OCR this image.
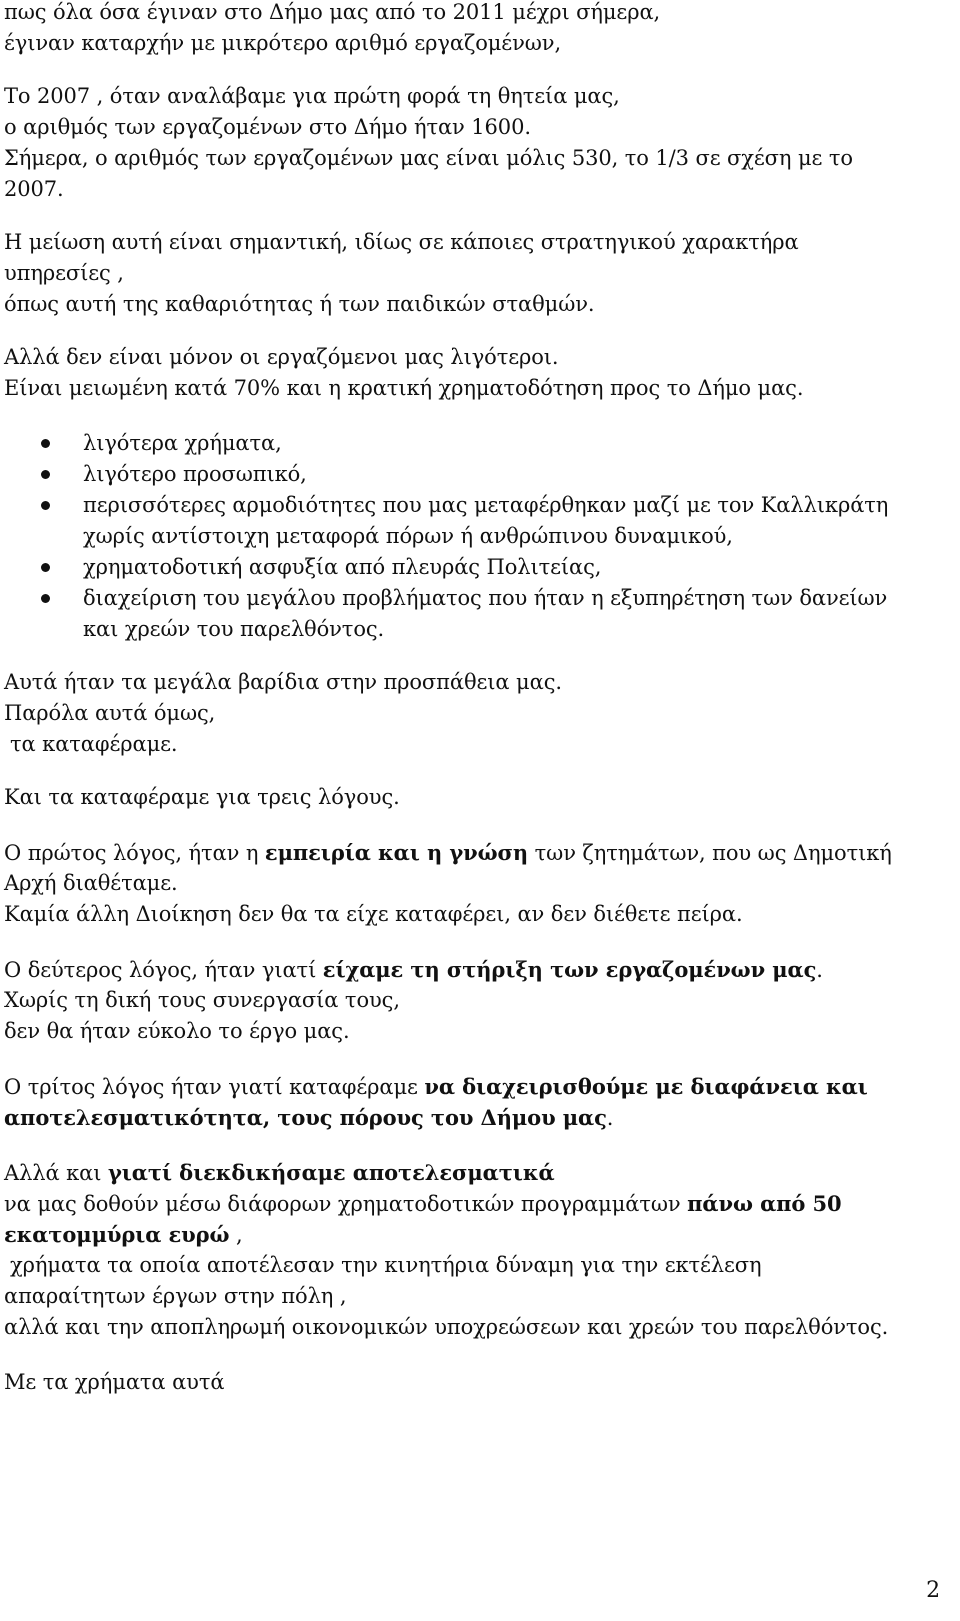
πως όλα όσα έγιναν στο Δήμο μας από το 2011 μέχρι σήμερα,
έγιναν καταρχήν με μικρότερο αριθμό εργαζομένων,
Το 2007 , όταν αναλάβαμε για πρώτη φορά τη θητεία μας,
ο αριθμός των εργαζομένων στο Δήμο ήταν 1600.
Σήμερα, ο αριθμός των εργαζομένων μας είναι μόλις 530, το 1/3 σε σχέση με το
2007.
Η μείωση αυτή είναι σημαντική, ιδίως σε κάποιες στρατηγικού χαρακτήρα
υπηρεσίες ,
όπως αυτή της καθαριότητας ή των παιδικών σταθμών.
Αλλά δεν είναι μόνον οι εργαζόμενοι μας λιγότεροι.
Είναι μειωμένη κατά 70% και η κρατική χρηματοδότηση προς το Δήμο μας.
λιγότερα χρήματα,
λιγότερο προσωπικό,
περισσότερες αρμοδιότητες που μας μεταφέρθηκαν μαζί με τον Καλλικράτη
χωρίς αντίστοιχη μεταφορά πόρων ή ανθρώπινου δυναμικού,
χρηματοδοτική ασφυξία από πλευράς Πολιτείας,
διαχείριση του μεγάλου προβλήματος που ήταν η εξυπηρέτηση των δανείων
και χρεών του παρελθόντος.
Αυτά ήταν τα μεγάλα βαρίδια στην προσπάθεια μας.
Παρόλα αυτά όμως,
τα καταφέραμε.
Και τα καταφέραμε για τρεις λόγους.
Ο πρώτος λόγος, ήταν η εμπειρία και η γνώση των ζητημάτων, που ως Δημοτική
Αρχή διαθέταμε.
Καμία άλλη Διοίκηση δεν θα τα είχε καταφέρει, αν δεν διέθετε πείρα.
Ο δεύτερος λόγος, ήταν γιατί είχαμε τη στήριξη των εργαζομένων μας.
Χωρίς τη δική τους συνεργασία τους,
δεν θα ήταν εύκολο το έργο μας.
Ο τρίτος λόγος ήταν γιατί καταφέραμε να διαχειρισθούμε με διαφάνεια και
αποτελεσματικότητα, τους πόρους του Δήμου μας.
Αλλά και γιατί διεκδικήσαμε αποτελεσματικά
να μας δοθούν μέσω διάφορων χρηματοδοτικών προγραμμάτων πάνω από 50
εκατομμύρια ευρώ ,
χρήματα τα οποία αποτέλεσαν την κινητήρια δύναμη για την εκτέλεση
απαραίτητων έργων στην πόλη ,
αλλά και την αποπληρωμή οικονομικών υποχρεώσεων και χρεών του παρελθόντος.
Με τα χρήματα αυτά
2
